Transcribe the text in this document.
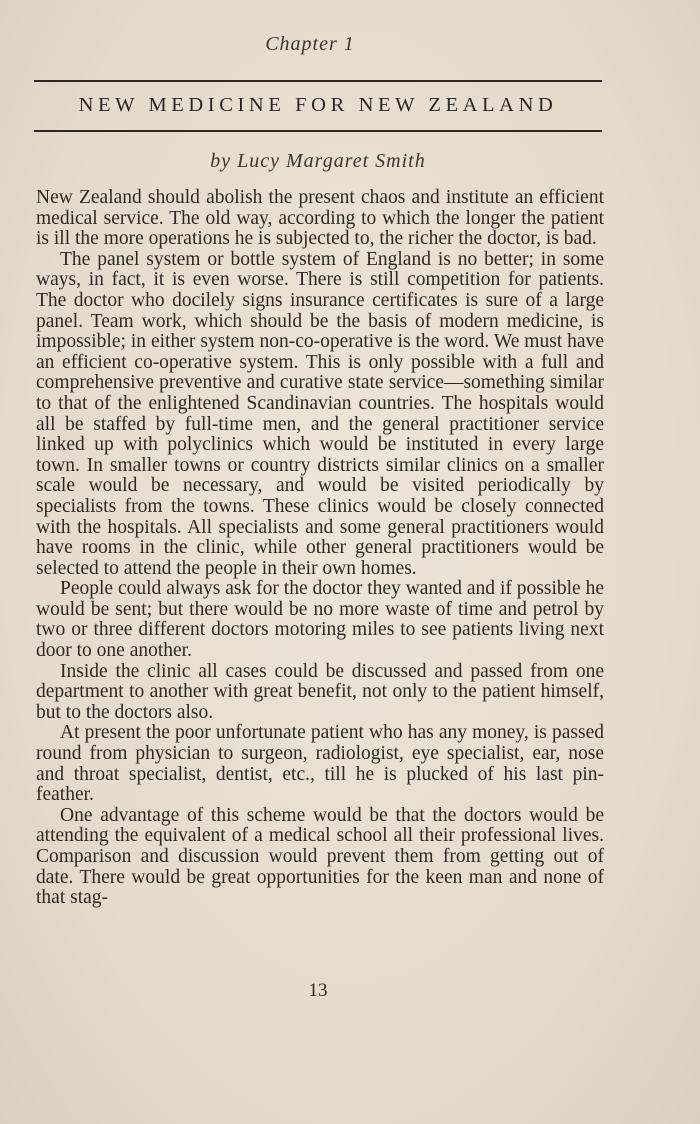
Chapter 1
NEW MEDICINE FOR NEW ZEALAND
by Lucy Margaret Smith

New Zealand should abolish the present chaos and institute an efficient medical service. The old way, according to which the longer the patient is ill the more operations he is subjected to, the richer the doctor, is bad.

The panel system or bottle system of England is no better; in some ways, in fact, it is even worse. There is still competition for patients. The doctor who docilely signs insurance certificates is sure of a large panel. Team work, which should be the basis of modern medicine, is impossible; in either system non-co-operative is the word. We must have an efficient co-operative system. This is only possible with a full and comprehensive preventive and curative state service—something similar to that of the enlightened Scandinavian countries. The hospitals would all be staffed by full-time men, and the general practitioner service linked up with polyclinics which would be instituted in every large town. In smaller towns or country districts similar clinics on a smaller scale would be necessary, and would be visited periodically by specialists from the towns. These clinics would be closely connected with the hospitals. All specialists and some general practitioners would have rooms in the clinic, while other general practitioners would be selected to attend the people in their own homes.

People could always ask for the doctor they wanted and if possible he would be sent; but there would be no more waste of time and petrol by two or three different doctors motoring miles to see patients living next door to one another.

Inside the clinic all cases could be discussed and passed from one department to another with great benefit, not only to the patient himself, but to the doctors also.

At present the poor unfortunate patient who has any money, is passed round from physician to surgeon, radiologist, eye specialist, ear, nose and throat specialist, dentist, etc., till he is plucked of his last pin-feather.

One advantage of this scheme would be that the doctors would be attending the equivalent of a medical school all their professional lives. Comparison and discussion would prevent them from getting out of date. There would be great opportunities for the keen man and none of that stag-

13
